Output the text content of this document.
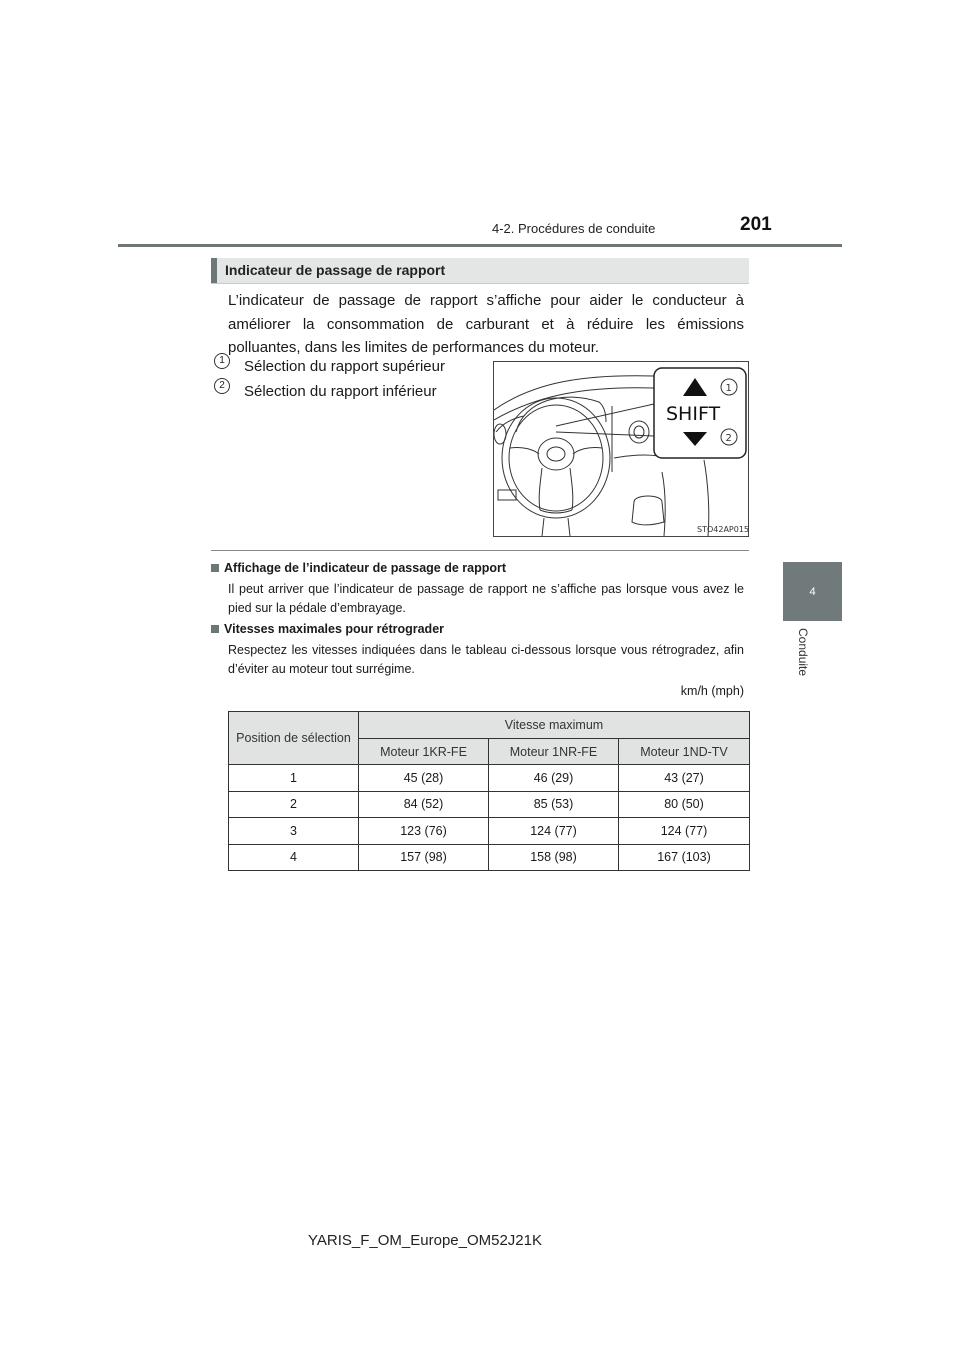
4-2. Procédures de conduite	201
4
Conduite
Indicateur de passage de rapport
L’indicateur de passage de rapport s’affiche pour aider le conducteur à améliorer la consommation de carburant et à réduire les émissions polluantes, dans les limites de performances du moteur.
1	Sélection du rapport supérieur
2	Sélection du rapport inférieur
SHIFT
1
2
STO42AP015
Affichage de l’indicateur de passage de rapport
Il peut arriver que l’indicateur de passage de rapport ne s’affiche pas lorsque vous avez le pied sur la pédale d’embrayage.
Vitesses maximales pour rétrograder
Respectez les vitesses indiquées dans le tableau ci-dessous lorsque vous rétrogradez, afin d’éviter au moteur tout surrégime.
km/h (mph)
Position de sélection	Vitesse maximum		
	Moteur 1KR-FE	Moteur 1NR-FE	Moteur 1ND-TV
1	45 (28)	46 (29)	43 (27)
2	84 (52)	85 (53)	80 (50)
3	123 (76)	124 (77)	124 (77)
4	157 (98)	158 (98)	167 (103)
YARIS_F_OM_Europe_OM52J21K
